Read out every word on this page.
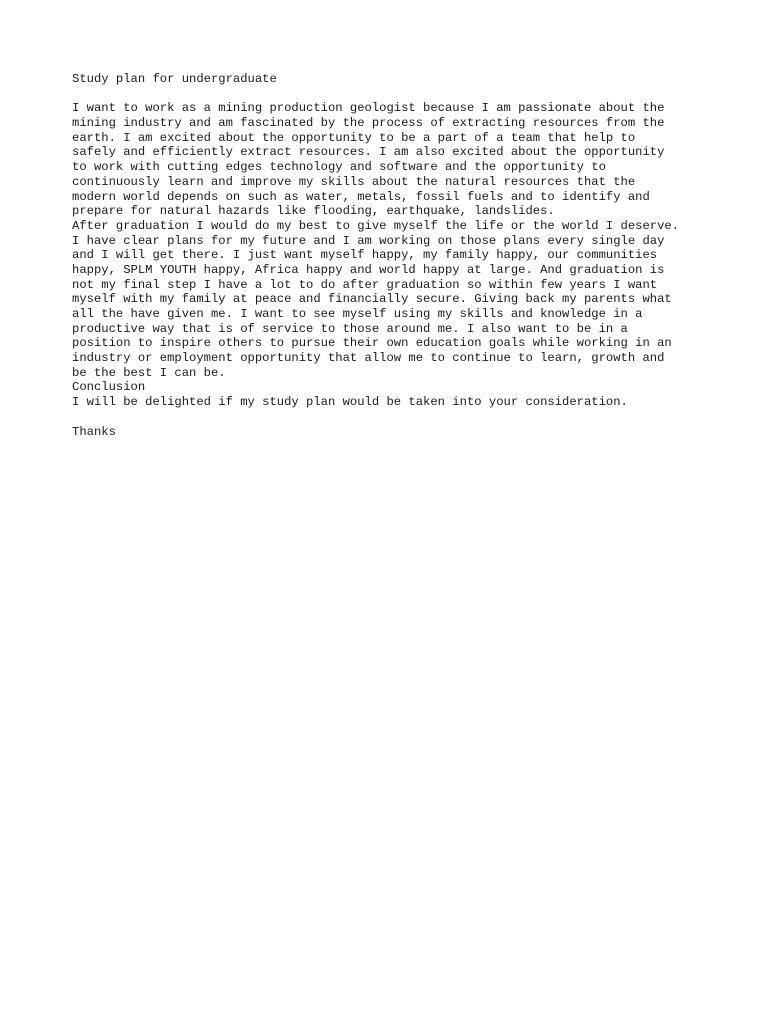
Study plan for undergraduate
I want to work as a mining production geologist because I am passionate about the
mining industry and am fascinated by the process of extracting resources from the
earth. I am excited about the opportunity to be a part of a team that help to
safely and efficiently extract resources. I am also excited about the opportunity
to work with cutting edges technology and software and the opportunity to
continuously learn and improve my skills about the natural resources that the
modern world depends on such as water, metals, fossil fuels and to identify and
prepare for natural hazards like flooding, earthquake, landslides.
After graduation I would do my best to give myself the life or the world I deserve.
I have clear plans for my future and I am working on those plans every single day
and I will get there. I just want myself happy, my family happy, our communities
happy, SPLM YOUTH happy, Africa happy and world happy at large. And graduation is
not my final step I have a lot to do after graduation so within few years I want
myself with my family at peace and financially secure. Giving back my parents what
all the have given me. I want to see myself using my skills and knowledge in a
productive way that is of service to those around me. I also want to be in a
position to inspire others to pursue their own education goals while working in an
industry or employment opportunity that allow me to continue to learn, growth and
be the best I can be.
Conclusion
I will be delighted if my study plan would be taken into your consideration.
Thanks
